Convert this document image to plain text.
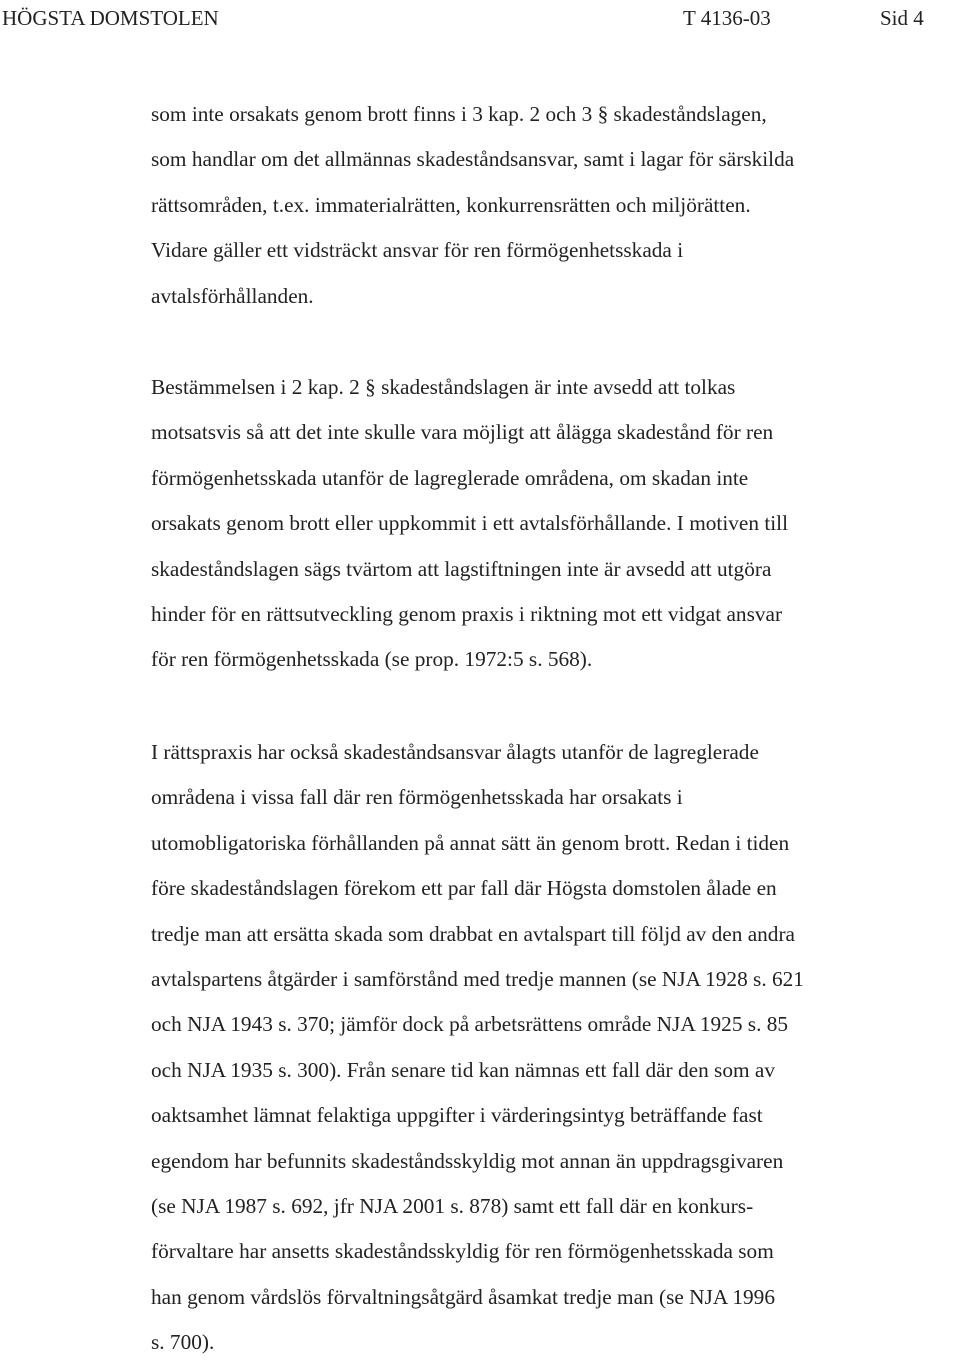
HÖGSTA DOMSTOLEN	T 4136-03	Sid 4
som inte orsakats genom brott finns i 3 kap. 2 och 3 § skadeståndslagen,
som handlar om det allmännas skadeståndsansvar, samt i lagar för särskilda
rättsområden, t.ex. immaterialrätten, konkurrensrätten och miljörätten.
Vidare gäller ett vidsträckt ansvar för ren förmögenhetsskada i
avtalsförhållanden.
Bestämmelsen i 2 kap. 2 § skadeståndslagen är inte avsedd att tolkas
motsatsvis så att det inte skulle vara möjligt att ålägga skadestånd för ren
förmögenhetsskada utanför de lagreglerade områdena, om skadan inte
orsakats genom brott eller uppkommit i ett avtalsförhållande. I motiven till
skadeståndslagen sägs tvärtom att lagstiftningen inte är avsedd att utgöra
hinder för en rättsutveckling genom praxis i riktning mot ett vidgat ansvar
för ren förmögenhetsskada (se prop. 1972:5 s. 568).
I rättspraxis har också skadeståndsansvar ålagts utanför de lagreglerade
områdena i vissa fall där ren förmögenhetsskada har orsakats i
utomobligatoriska förhållanden på annat sätt än genom brott. Redan i tiden
före skadeståndslagen förekom ett par fall där Högsta domstolen ålade en
tredje man att ersätta skada som drabbat en avtalspart till följd av den andra
avtalspartens åtgärder i samförstånd med tredje mannen (se NJA 1928 s. 621
och NJA 1943 s. 370; jämför dock på arbetsrättens område NJA 1925 s. 85
och NJA 1935 s. 300). Från senare tid kan nämnas ett fall där den som av
oaktsamhet lämnat felaktiga uppgifter i värderingsintyg beträffande fast
egendom har befunnits skadeståndsskyldig mot annan än uppdragsgivaren
(se NJA 1987 s. 692, jfr NJA 2001 s. 878) samt ett fall där en konkurs-
förvaltare har ansetts skadeståndsskyldig för ren förmögenhetsskada som
han genom vårdslös förvaltningsåtgärd åsamkat tredje man (se NJA 1996
s. 700).
